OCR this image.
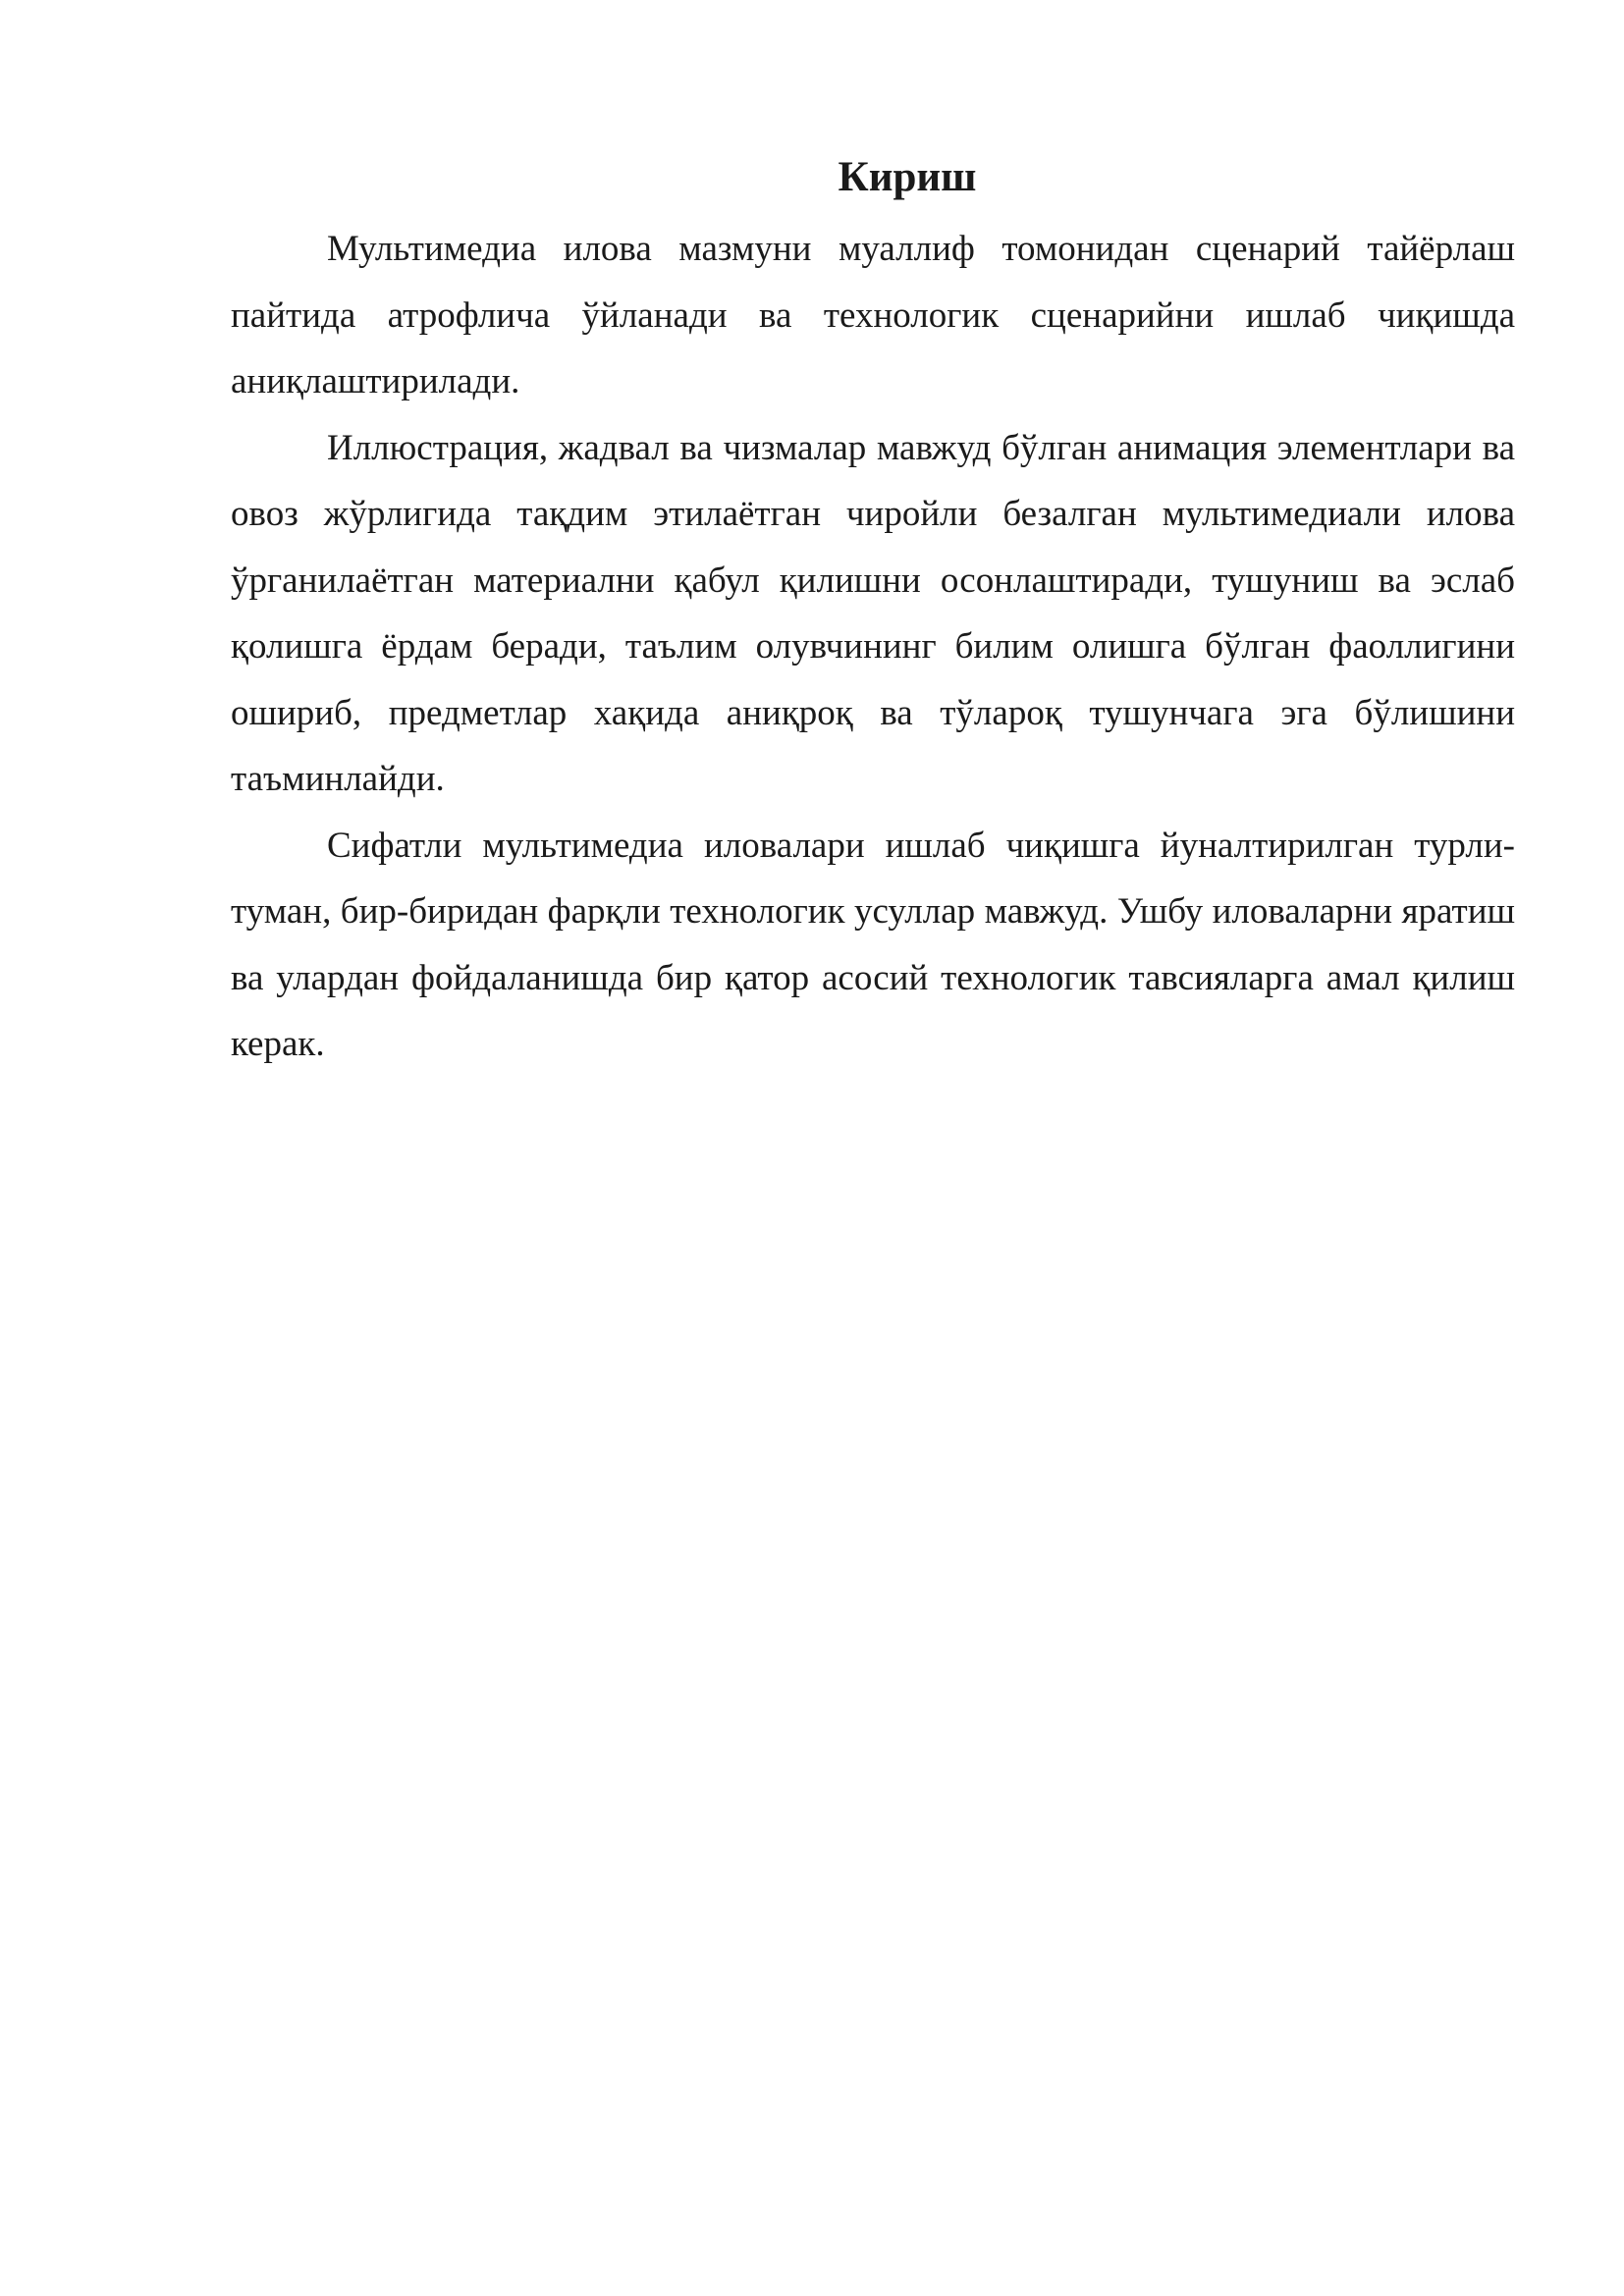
Кириш

Мультимедиа илова мазмуни муаллиф томонидан сценарий тайёрлаш пайтида атрофлича ўйланади ва технологик сценарийни ишлаб чиқишда аниқлаштирилади.

Иллюстрация, жадвал ва чизмалар мавжуд бўлган анимация элементлари ва овоз жўрлигида тақдим этилаётган чиройли безалган мультимедиали илова ўрганилаётган материални қабул қилишни осонлаштиради, тушуниш ва эслаб қолишга ёрдам беради, таълим олувчининг билим олишга бўлган фаоллигини ошириб, предметлар хақида аниқроқ ва тўлароқ тушунчага эга бўлишини таъминлайди.

Сифатли мультимедиа иловалари ишлаб чиқишга йуналтирилган турли-туман, бир-биридан фарқли технологик усуллар мавжуд. Ушбу иловаларни яратиш ва улардан фойдаланишда бир қатор асосий технологик тавсияларга амал қилиш керак.
